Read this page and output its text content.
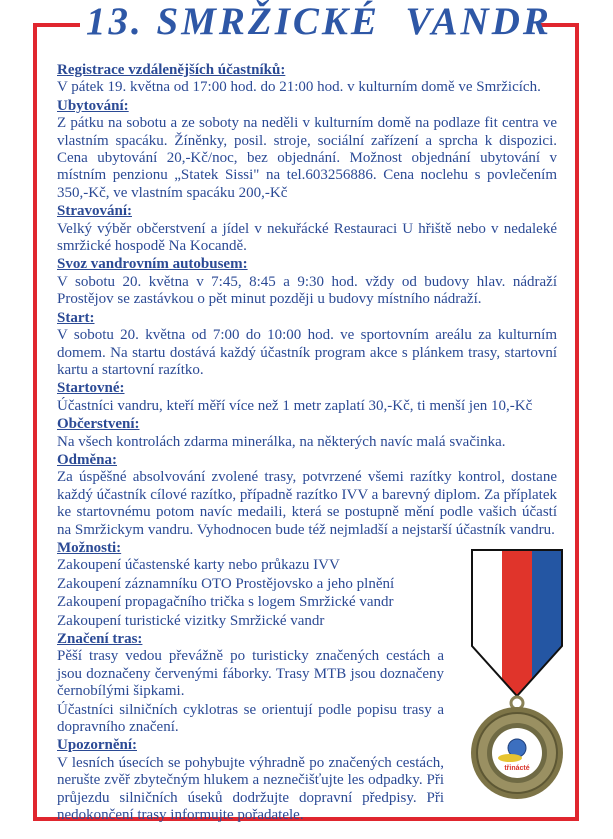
13. SMRŽICKÉ  VANDR

Registrace vzdálenějších účastníků:

V pátek 19. května od 17:00 hod. do 21:00 hod. v kulturním domě ve Smržicích.

Ubytování:

Z pátku na sobotu a ze soboty na neděli v kulturním domě na podlaze fit centra ve vlastním spacáku. Žíněnky, posil. stroje, sociální zařízení a sprcha k dispozici. Cena ubytování 20,-Kč/noc, bez objednání. Možnost objednání ubytování v místním penzionu „Statek Sissi" na tel.603256886. Cena noclehu s povlečením 350,-Kč, ve vlastním spacáku 200,-Kč

Stravování:

Velký výběr občerstvení a jídel v nekuřácké Restauraci U hřiště nebo v nedaleké smržické hospodě Na Kocandě.

Svoz vandrovním autobusem:

V sobotu 20. května v 7:45, 8:45 a 9:30 hod. vždy od budovy hlav. nádraží Prostějov se zastávkou o pět minut později u budovy místního nádraží.

Start:

V sobotu 20. května od 7:00 do 10:00 hod. ve sportovním areálu za kulturním domem. Na startu dostává každý účastník program akce s plánkem trasy, startovní kartu a startovní razítko.

Startovné:

Účastníci vandru, kteří měří více než 1 metr zaplatí 30,-Kč, ti menší jen 10,-Kč

Občerstvení:

Na všech kontrolách zdarma minerálka, na některých navíc malá svačinka.

Odměna:

Za úspěšné absolvování zvolené trasy, potvrzené všemi razítky kontrol, dostane každý účastník cílové razítko, případně razítko IVV a barevný diplom. Za příplatek ke startovnému potom navíc medaili, která se postupně mění podle vašich účastí na Smržickym vandru. Vyhodnocen bude též nejmladší a nejstarší účastník vandru.

Možnosti:

Zakoupení účastenské karty nebo průkazu IVV

Zakoupení záznamníku OTO Prostějovsko a jeho plnění

Zakoupení propagačního trička s logem Smržické vandr

Zakoupení turistické vizitky Smržické vandr

Značení tras:

Pěší trasy vedou převážně po turisticky značených cestách a jsou doznačeny červenými fáborky. Trasy MTB jsou doznačeny černobílými šipkami.

Účastníci silničních cyklotras se orientují podle popisu trasy a dopravního značení.

Upozornění:

V lesních úsecích se pohybujte výhradně po značených cestách, nerušte zvěř zbytečným hlukem a neznečišťujte les odpadky. Při průjezdu silničních úseků dodržujte dopravní předpisy. Při nedokončení trasy informujte pořadatele.

třinácté
